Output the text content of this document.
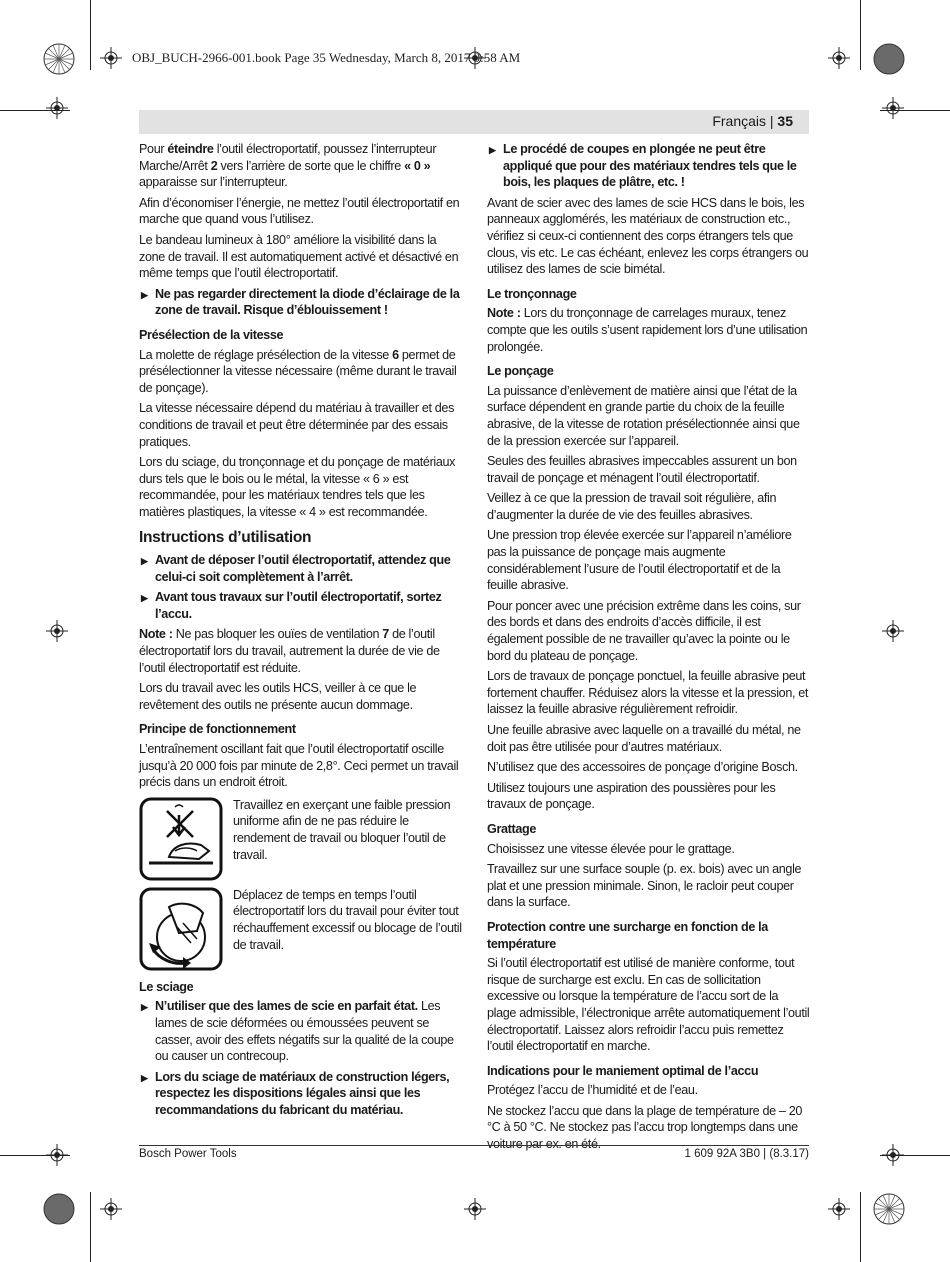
OBJ_BUCH-2966-001.book Page 35 Wednesday, March 8, 2017 9:58 AM
Français | 35

Pour éteindre l’outil électroportatif, poussez l’interrupteur Marche/Arrêt 2 vers l’arrière de sorte que le chiffre « 0 » apparaisse sur l’interrupteur.

Afin d’économiser l’énergie, ne mettez l’outil électroportatif en marche que quand vous l’utilisez.

Le bandeau lumineux à 180° améliore la visibilité dans la zone de travail. Il est automatiquement activé et désactivé en même temps que l’outil électroportatif.

▶ Ne pas regarder directement la diode d’éclairage de la zone de travail. Risque d’éblouissement !
Présélection de la vitesse

La molette de réglage présélection de la vitesse 6 permet de présélectionner la vitesse nécessaire (même durant le travail de ponçage).

La vitesse nécessaire dépend du matériau à travailler et des conditions de travail et peut être déterminée par des essais pratiques.

Lors du sciage, du tronçonnage et du ponçage de matériaux durs tels que le bois ou le métal, la vitesse « 6 » est recommandée, pour les matériaux tendres tels que les matières plastiques, la vitesse « 4 » est recommandée.

Instructions d’utilisation
▶ Avant de déposer l’outil électroportatif, attendez que celui-ci soit complètement à l’arrêt.
▶ Avant tous travaux sur l’outil électroportatif, sortez l’accu.

Note : Ne pas bloquer les ouïes de ventilation 7 de l’outil électroportatif lors du travail, autrement la durée de vie de l’outil électroportatif est réduite.

Lors du travail avec les outils HCS, veiller à ce que le revêtement des outils ne présente aucun dommage.

Principe de fonctionnement

L’entraînement oscillant fait que l’outil électroportatif oscille jusqu’à 20 000 fois par minute de 2,8°. Ceci permet un travail précis dans un endroit étroit.

Travaillez en exerçant une faible pression uniforme afin de ne pas réduire le rendement de travail ou bloquer l’outil de travail.
Déplacez de temps en temps l’outil électroportatif lors du travail pour éviter tout réchauffement excessif ou blocage de l’outil de travail.
Le sciage
▶ N’utiliser que des lames de scie en parfait état. Les lames de scie déformées ou émoussées peuvent se casser, avoir des effets négatifs sur la qualité de la coupe ou causer un contrecoup.
▶ Lors du sciage de matériaux de construction légers, respectez les dispositions légales ainsi que les recommandations du fabricant du matériau.
▶ Le procédé de coupes en plongée ne peut être appliqué que pour des matériaux tendres tels que le bois, les plaques de plâtre, etc. !

Avant de scier avec des lames de scie HCS dans le bois, les panneaux agglomérés, les matériaux de construction etc., vérifiez si ceux-ci contiennent des corps étrangers tels que clous, vis etc. Le cas échéant, enlevez les corps étrangers ou utilisez des lames de scie bimétal.

Le tronçonnage

Note : Lors du tronçonnage de carrelages muraux, tenez compte que les outils s’usent rapidement lors d’une utilisation prolongée.

Le ponçage

La puissance d’enlèvement de matière ainsi que l’état de la surface dépendent en grande partie du choix de la feuille abrasive, de la vitesse de rotation présélectionnée ainsi que de la pression exercée sur l’appareil.

Seules des feuilles abrasives impeccables assurent un bon travail de ponçage et ménagent l’outil électroportatif.

Veillez à ce que la pression de travail soit régulière, afin d’augmenter la durée de vie des feuilles abrasives.

Une pression trop élevée exercée sur l’appareil n’améliore pas la puissance de ponçage mais augmente considérablement l’usure de l’outil électroportatif et de la feuille abrasive.

Pour poncer avec une précision extrême dans les coins, sur des bords et dans des endroits d’accès difficile, il est également possible de ne travailler qu’avec la pointe ou le bord du plateau de ponçage.

Lors de travaux de ponçage ponctuel, la feuille abrasive peut fortement chauffer. Réduisez alors la vitesse et la pression, et laissez la feuille abrasive régulièrement refroidir.

Une feuille abrasive avec laquelle on a travaillé du métal, ne doit pas être utilisée pour d’autres matériaux.

N’utilisez que des accessoires de ponçage d’origine Bosch.

Utilisez toujours une aspiration des poussières pour les travaux de ponçage.

Grattage

Choisissez une vitesse élevée pour le grattage.

Travaillez sur une surface souple (p. ex. bois) avec un angle plat et une pression minimale. Sinon, le racloir peut couper dans la surface.

Protection contre une surcharge en fonction de la température

Si l’outil électroportatif est utilisé de manière conforme, tout risque de surcharge est exclu. En cas de sollicitation excessive ou lorsque la température de l’accu sort de la plage admissible, l’électronique arrête automatiquement l’outil électroportatif. Laissez alors refroidir l’accu puis remettez l’outil électroportatif en marche.

Indications pour le maniement optimal de l’accu

Protégez l’accu de l’humidité et de l’eau.

Ne stockez l’accu que dans la plage de température de – 20 °C à 50 °C. Ne stockez pas l’accu trop longtemps dans une

Bosch Power Tools	1 609 92A 3B0 | (8.3.17)
